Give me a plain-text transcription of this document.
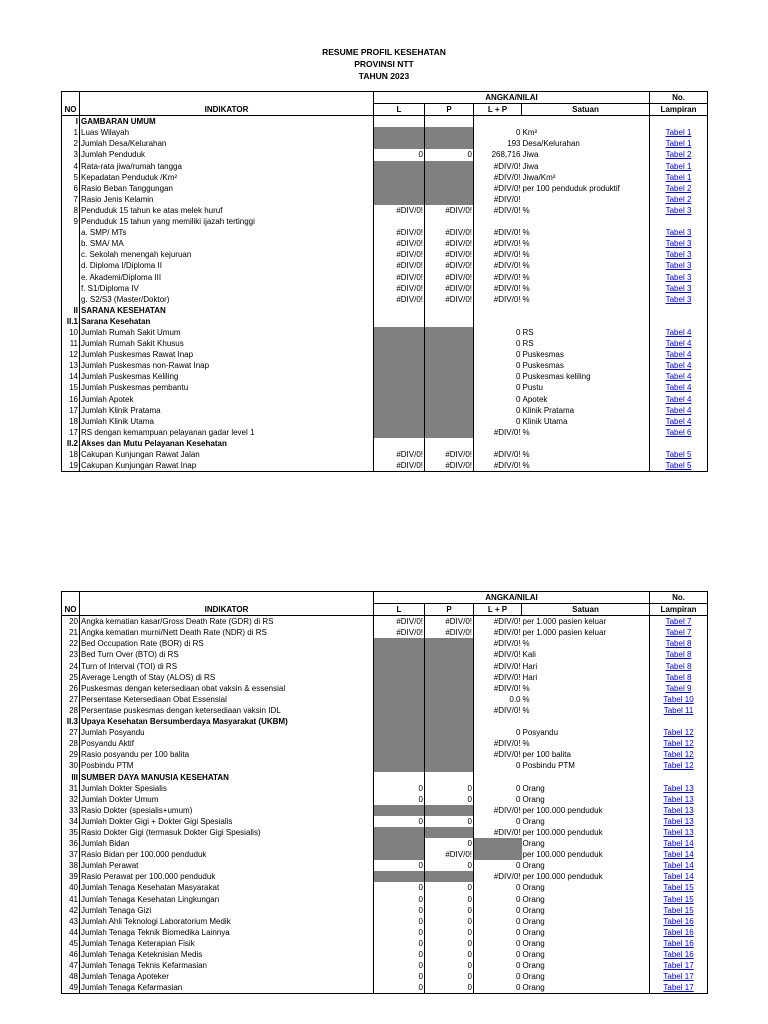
RESUME PROFIL KESEHATAN
PROVINSI NTT
TAHUN 2023
NO	INDIKATOR	ANGKA/NILAI				No.
		L	P	L + P	Satuan	Lampiran
I	GAMBARAN UMUM					
1	Luas Wilayah			0	Km²	Tabel 1
2	Jumlah Desa/Kelurahan			193	Desa/Kelurahan	Tabel 1
3	Jumlah Penduduk	0	0	268,716	Jiwa	Tabel 2
4	Rata-rata jiwa/rumah tangga			#DIV/0!	Jiwa	Tabel 1
5	Kepadatan Penduduk /Km²			#DIV/0!	Jiwa/Km²	Tabel 1
6	Rasio Beban Tanggungan			#DIV/0!	per 100 penduduk produktif	Tabel 2
7	Rasio Jenis Kelamin			#DIV/0!		Tabel 2
8	Penduduk 15 tahun ke atas melek huruf	#DIV/0!	#DIV/0!	#DIV/0!	%	Tabel 3
9	Penduduk 15 tahun yang memiliki ijazah tertinggi					
	a. SMP/ MTs	#DIV/0!	#DIV/0!	#DIV/0!	%	Tabel 3
	b. SMA/ MA	#DIV/0!	#DIV/0!	#DIV/0!	%	Tabel 3
	c. Sekolah menengah kejuruan	#DIV/0!	#DIV/0!	#DIV/0!	%	Tabel 3
	d. Diploma I/Diploma II	#DIV/0!	#DIV/0!	#DIV/0!	%	Tabel 3
	e. Akademi/Diploma III	#DIV/0!	#DIV/0!	#DIV/0!	%	Tabel 3
	f. S1/Diploma IV	#DIV/0!	#DIV/0!	#DIV/0!	%	Tabel 3
	g. S2/S3 (Master/Doktor)	#DIV/0!	#DIV/0!	#DIV/0!	%	Tabel 3

II	SARANA KESEHATAN					
II.1	Sarana Kesehatan					
10	Jumlah Rumah Sakit Umum			0	RS	Tabel 4
11	Jumlah Rumah Sakit Khusus			0	RS	Tabel 4
12	Jumlah Puskesmas Rawat Inap			0	Puskesmas	Tabel 4
13	Jumlah Puskesmas non-Rawat Inap			0	Puskesmas	Tabel 4
14	Jumlah Puskesmas Keliling			0	Puskesmas keliling	Tabel 4
15	Jumlah Puskesmas pembantu			0	Pustu	Tabel 4
16	Jumlah Apotek			0	Apotek	Tabel 4
17	Jumlah Klinik Pratama			0	Klinik Pratama	Tabel 4
18	Jumlah Klinik Utama			0	Klinik Utama	Tabel 4
17	RS dengan kemampuan pelayanan gadar level 1			#DIV/0!	%	Tabel 6

II.2	Akses dan Mutu Pelayanan Kesehatan					
18	Cakupan Kunjungan Rawat Jalan	#DIV/0!	#DIV/0!	#DIV/0!	%	Tabel 5
19	Cakupan Kunjungan Rawat Inap	#DIV/0!	#DIV/0!	#DIV/0!	%	Tabel 5
NO	INDIKATOR	ANGKA/NILAI				No.
		L	P	L + P	Satuan	Lampiran
20	Angka kematian kasar/Gross Death Rate (GDR) di RS	#DIV/0!	#DIV/0!	#DIV/0!	per 1.000 pasien keluar	Tabel 7
21	Angka kematian murni/Nett Death Rate (NDR) di RS	#DIV/0!	#DIV/0!	#DIV/0!	per 1.000 pasien keluar	Tabel 7
22	Bed Occupation Rate (BOR) di RS			#DIV/0!	%	Tabel 8
23	Bed Turn Over (BTO) di RS			#DIV/0!	Kali	Tabel 8
24	Turn of Interval (TOI) di RS			#DIV/0!	Hari	Tabel 8
25	Average Length of Stay (ALOS) di RS			#DIV/0!	Hari	Tabel 8
26	Puskesmas dengan ketersediaan obat vaksin & essensial			#DIV/0!	%	Tabel 9
27	Persentase Ketersediaan Obat Essensial			0.0	%	Tabel 10
28	Persentase puskesmas dengan ketersediaan vaksin IDL			#DIV/0!	%	Tabel 11

II.3	Upaya Kesehatan Bersumberdaya Masyarakat (UKBM)					
27	Jumlah Posyandu			0	Posyandu	Tabel 12
28	Posyandu Aktif			#DIV/0!	%	Tabel 12
29	Rasio posyandu per 100 balita			#DIV/0!	per 100 balita	Tabel 12
30	Posbindu PTM			0	Posbindu PTM	Tabel 12

III	SUMBER DAYA MANUSIA KESEHATAN					
31	Jumlah Dokter Spesialis	0	0	0	Orang	Tabel 13
32	Jumlah Dokter Umum	0	0	0	Orang	Tabel 13
33	Rasio Dokter (spesialis+umum)			#DIV/0!	per 100.000 penduduk	Tabel 13
34	Jumlah Dokter Gigi + Dokter Gigi Spesialis	0	0	0	Orang	Tabel 13
35	Rasio Dokter Gigi (termasuk Dokter Gigi Spesialis)			#DIV/0!	per 100.000 penduduk	Tabel 13
36	Jumlah Bidan		0		Orang	Tabel 14
37	Rasio Bidan per 100.000 penduduk		#DIV/0!		per 100.000 penduduk	Tabel 14
38	Jumlah Perawat	0	0	0	Orang	Tabel 14
39	Rasio Perawat per 100.000 penduduk			#DIV/0!	per 100.000 penduduk	Tabel 14
40	Jumlah Tenaga Kesehatan Masyarakat	0	0	0	Orang	Tabel 15
41	Jumlah Tenaga Kesehatan Lingkungan	0	0	0	Orang	Tabel 15
42	Jumlah Tenaga Gizi	0	0	0	Orang	Tabel 15
43	Jumlah Ahli Teknologi Laboratorium Medik	0	0	0	Orang	Tabel 16
44	Jumlah Tenaga Teknik Biomedika Lainnya	0	0	0	Orang	Tabel 16
45	Jumlah Tenaga Keterapian Fisik	0	0	0	Orang	Tabel 16
46	Jumlah Tenaga Keteknisian Medis	0	0	0	Orang	Tabel 16
47	Jumlah Tenaga Teknis Kefarmasian	0	0	0	Orang	Tabel 17
48	Jumlah Tenaga Apoteker	0	0	0	Orang	Tabel 17
49	Jumlah Tenaga Kefarmasian	0	0	0	Orang	Tabel 17
